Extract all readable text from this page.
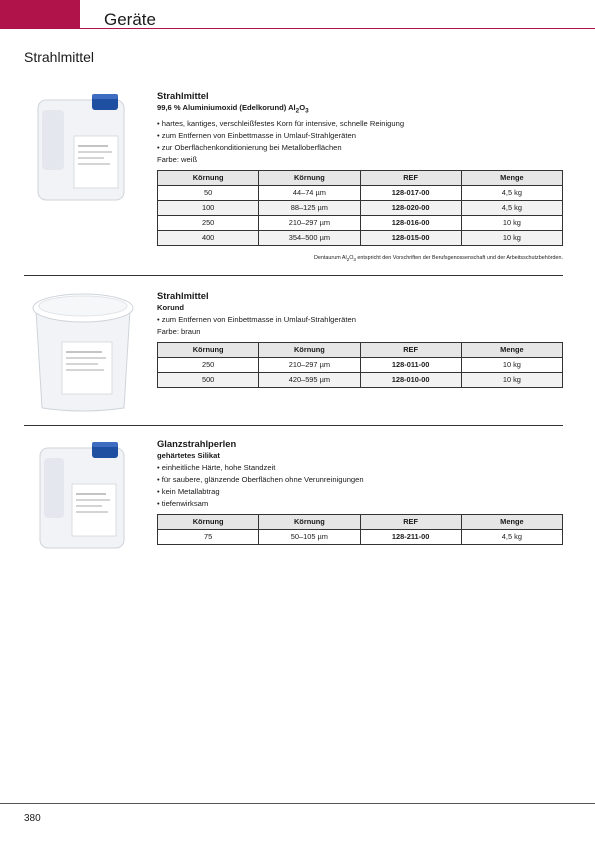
Geräte
Strahlmittel
Strahlmittel
99,6 % Aluminiumoxid (Edelkorund) $Al_2O_3$
• hartes, kantiges, verschleißfestes Korn für intensive, schnelle Reinigung
• zum Entfernen von Einbettmasse in Umlauf-Strahlgeräten
• zur Oberflächenkonditionierung bei Metalloberflächen
Farbe: weiß
Körnung	Körnung	REF	Menge
50	44–74 µm	128-017-00	4,5 kg
100	88–125 µm	128-020-00	4,5 kg
250	210–297 µm	128-016-00	10 kg
400	354–500 µm	128-015-00	10 kg
Dentaurum $Al_2O_3$ entspricht den Vorschriften der Berufsgenossenschaft und der Arbeitsschutzbehörden.
Strahlmittel
Korund
• zum Entfernen von Einbettmasse in Umlauf-Strahlgeräten
Farbe: braun
Körnung	Körnung	REF	Menge
250	210–297 µm	128-011-00	10 kg
500	420–595 µm	128-010-00	10 kg
Glanzstrahlperlen
gehärtetes Silikat
• einheitliche Härte, hohe Standzeit
• für saubere, glänzende Oberflächen ohne Verunreinigungen
• kein Metallabtrag
• tiefenwirksam
Körnung	Körnung	REF	Menge
75	50–105 µm	128-211-00	4,5 kg
380
